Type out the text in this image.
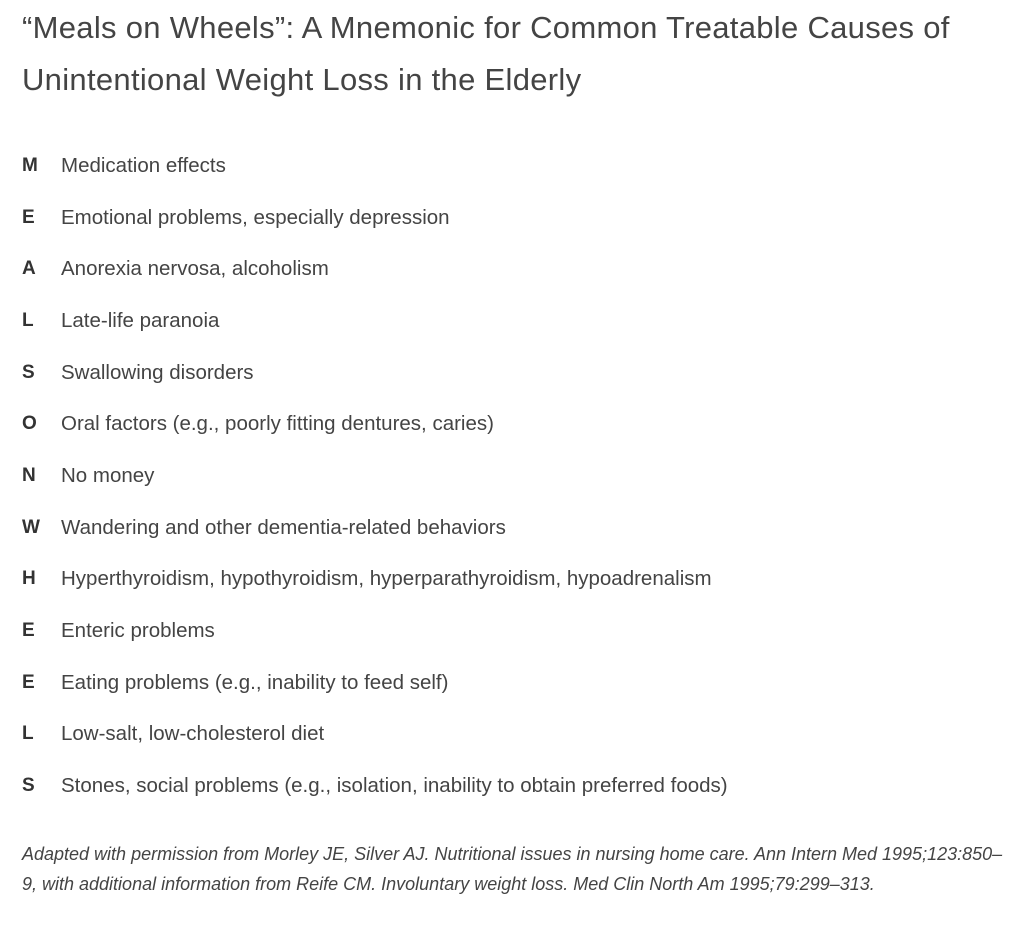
“Meals on Wheels”: A Mnemonic for Common Treatable Causes of Unintentional Weight Loss in the Elderly
M	Medication effects
E	Emotional problems, especially depression
A	Anorexia nervosa, alcoholism
L	Late-life paranoia
S	Swallowing disorders
O	Oral factors (e.g., poorly fitting dentures, caries)
N	No money
W	Wandering and other dementia-related behaviors
H	Hyperthyroidism, hypothyroidism, hyperparathyroidism, hypoadrenalism
E	Enteric problems
E	Eating problems (e.g., inability to feed self)
L	Low-salt, low-cholesterol diet
S	Stones, social problems (e.g., isolation, inability to obtain preferred foods)
Adapted with permission from Morley JE, Silver AJ. Nutritional issues in nursing home care. Ann Intern Med 1995;123:850–9, with additional information from Reife CM. Involuntary weight loss. Med Clin North Am 1995;79:299–313.
